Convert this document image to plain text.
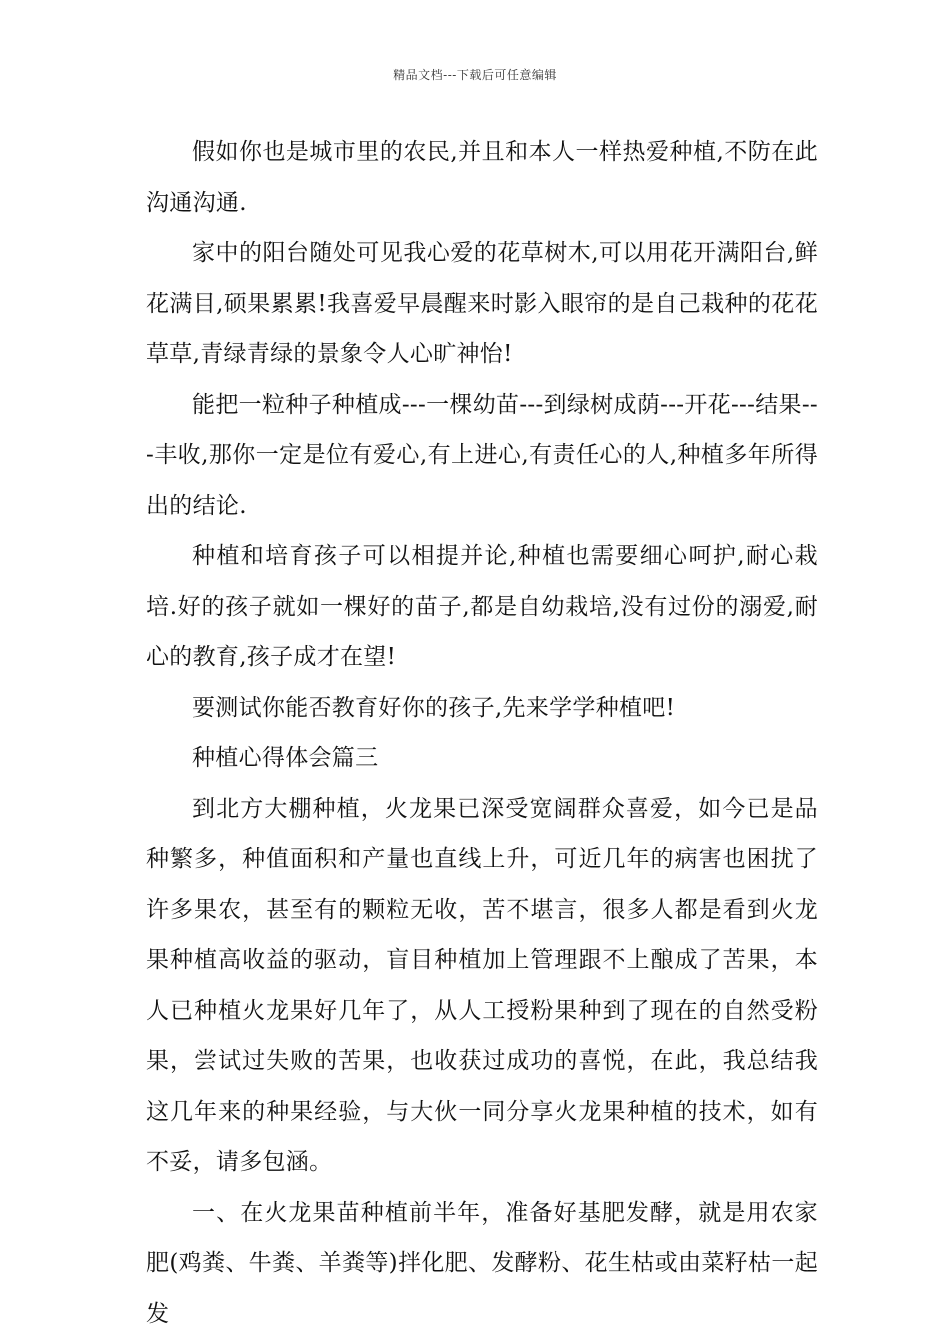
精品文档---下载后可任意编辑

假如你也是城市里的农民,并且和本人一样热爱种植,不防在此沟通沟通.

家中的阳台随处可见我心爱的花草树木,可以用花开满阳台,鲜花满目,硕果累累!我喜爱早晨醒来时影入眼帘的是自己栽种的花花草草,青绿青绿的景象令人心旷神怡!

能把一粒种子种植成---一棵幼苗---到绿树成荫---开花---结果---丰收,那你一定是位有爱心,有上进心,有责任心的人,种植多年所得出的结论.

种植和培育孩子可以相提并论,种植也需要细心呵护,耐心栽培.好的孩子就如一棵好的苗子,都是自幼栽培,没有过份的溺爱,耐心的教育,孩子成才在望!

要测试你能否教育好你的孩子,先来学学种植吧!

种植心得体会篇三

到北方大棚种植，火龙果已深受宽阔群众喜爱，如今已是品种繁多，种值面积和产量也直线上升，可近几年的病害也困扰了许多果农，甚至有的颗粒无收，苦不堪言，很多人都是看到火龙果种植高收益的驱动，盲目种植加上管理跟不上酿成了苦果，本人已种植火龙果好几年了，从人工授粉果种到了现在的自然受粉果，尝试过失败的苦果，也收获过成功的喜悦，在此，我总结我这几年来的种果经验，与大伙一同分享火龙果种植的技术，如有不妥，请多包涵。

一、在火龙果苗种植前半年，准备好基肥发酵，就是用农家肥(鸡粪、牛粪、羊粪等)拌化肥、发酵粉、花生枯或由菜籽枯一起发
